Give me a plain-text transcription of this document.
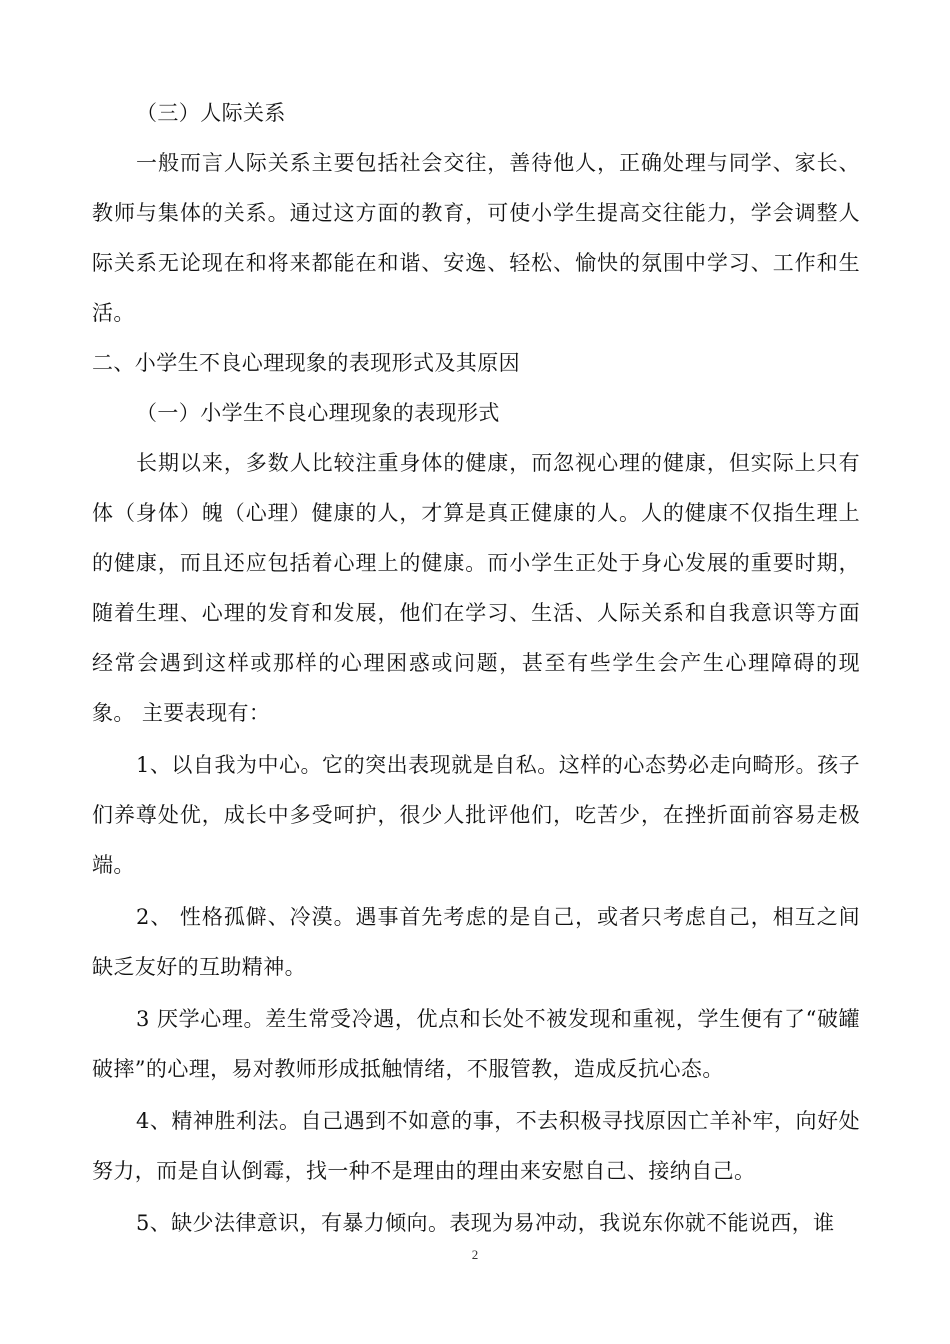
（三）人际关系

一般而言人际关系主要包括社会交往，善待他人，正确处理与同学、家长、教师与集体的关系。通过这方面的教育，可使小学生提高交往能力，学会调整人际关系无论现在和将来都能在和谐、安逸、轻松、愉快的氛围中学习、工作和生活。

二、小学生不良心理现象的表现形式及其原因

（一）小学生不良心理现象的表现形式

长期以来，多数人比较注重身体的健康，而忽视心理的健康，但实际上只有体（身体）魄（心理）健康的人，才算是真正健康的人。人的健康不仅指生理上的健康，而且还应包括着心理上的健康。而小学生正处于身心发展的重要时期，随着生理、心理的发育和发展，他们在学习、生活、人际关系和自我意识等方面经常会遇到这样或那样的心理困惑或问题，甚至有些学生会产生心理障碍的现象。 主要表现有：

1、以自我为中心。它的突出表现就是自私。这样的心态势必走向畸形。孩子们养尊处优，成长中多受呵护，很少人批评他们，吃苦少，在挫折面前容易走极端。

2、 性格孤僻、冷漠。遇事首先考虑的是自己，或者只考虑自己，相互之间缺乏友好的互助精神。

3 厌学心理。差生常受冷遇，优点和长处不被发现和重视，学生便有了“破罐破摔”的心理，易对教师形成抵触情绪，不服管教，造成反抗心态。

4、精神胜利法。自己遇到不如意的事，不去积极寻找原因亡羊补牢，向好处努力，而是自认倒霉，找一种不是理由的理由来安慰自己、接纳自己。

5、缺少法律意识，有暴力倾向。表现为易冲动，我说东你就不能说西，谁

2
